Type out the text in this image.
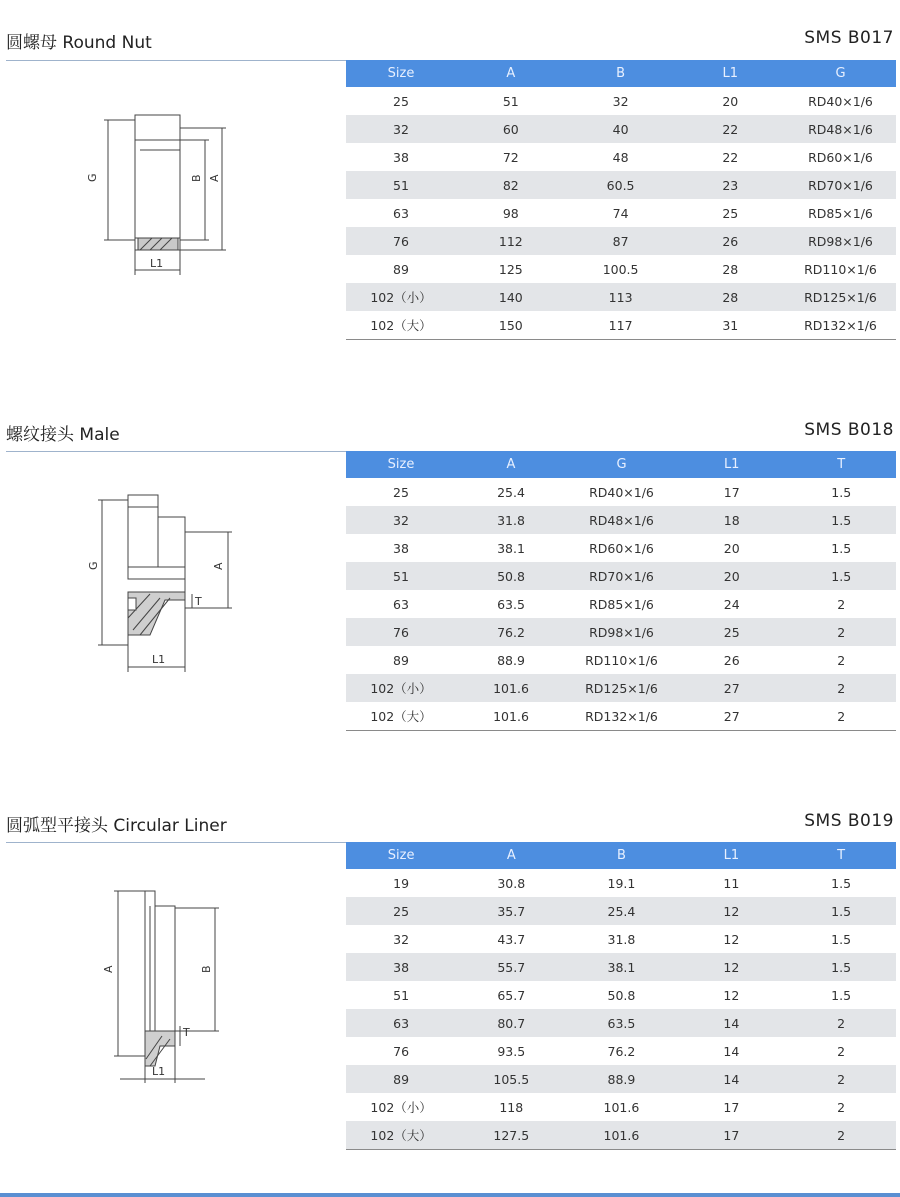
圆螺母 Round Nut	SMS B017
G	B A
L1
Size	A	B	L1	G
25	51	32	20	RD40×1/6
32	60	40	22	RD48×1/6
38	72	48	22	RD60×1/6
51	82	60.5	23	RD70×1/6
63	98	74	25	RD85×1/6
76	112	87	26	RD98×1/6
89	125	100.5	28	RD110×1/6
102（小）	140	113	28	RD125×1/6
102（大）	150	117	31	RD132×1/6
螺纹接头 Male	SMS B018
G	A
T
L1
Size	A	G	L1	T
25	25.4	RD40×1/6	17	1.5
32	31.8	RD48×1/6	18	1.5
38	38.1	RD60×1/6	20	1.5
51	50.8	RD70×1/6	20	1.5
63	63.5	RD85×1/6	24	2
76	76.2	RD98×1/6	25	2
89	88.9	RD110×1/6	26	2
102（小）	101.6	RD125×1/6	27	2
102（大）	101.6	RD132×1/6	27	2
圆弧型平接头 Circular Liner	SMS B019
A	B
T
L1
Size	A	B	L1	T
19	30.8	19.1	11	1.5
25	35.7	25.4	12	1.5
32	43.7	31.8	12	1.5
38	55.7	38.1	12	1.5
51	65.7	50.8	12	1.5
63	80.7	63.5	14	2
76	93.5	76.2	14	2
89	105.5	88.9	14	2
102（小）	118	101.6	17	2
102（大）	127.5	101.6	17	2
